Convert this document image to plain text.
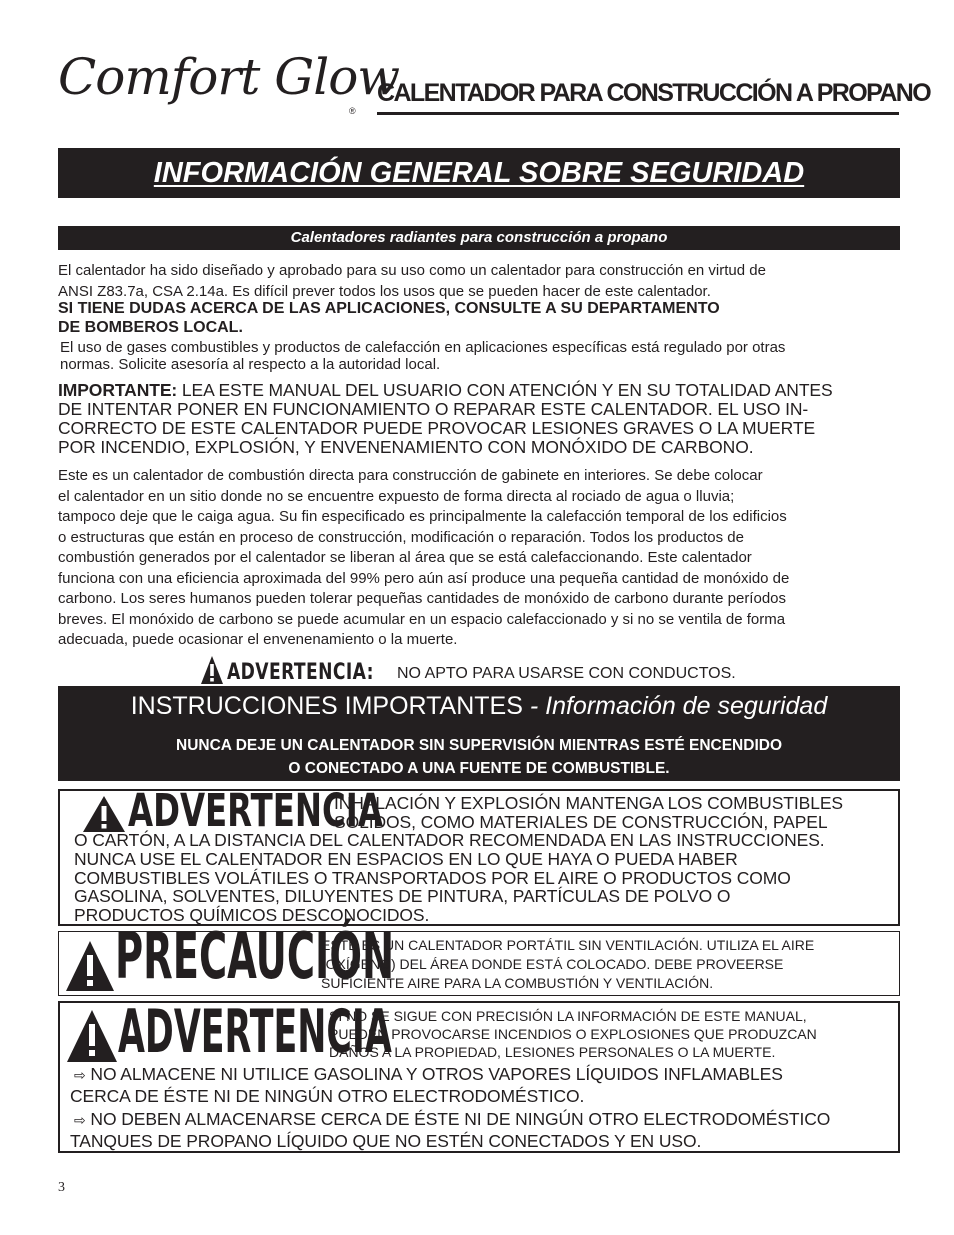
Comfort Glow
®
CALENTADOR PARA CONSTRUCCIÓN A PROPANO
INFORMACIÓN GENERAL SOBRE SEGURIDAD
Calentadores radiantes para construcción a propano
El calentador ha sido diseñado y aprobado para su uso como un calentador para construcción en virtud de
ANSI Z83.7a, CSA 2.14a. Es difícil prever todos los usos que se pueden hacer de este calentador.
SI TIENE DUDAS ACERCA DE LAS APLICACIONES, CONSULTE A SU DEPARTAMENTO
DE BOMBEROS LOCAL.
El uso de gases combustibles y productos de calefacción en aplicaciones específicas está regulado por otras
normas. Solicite asesoría al respecto a la autoridad local.
IMPORTANTE: LEA ESTE MANUAL DEL USUARIO CON ATENCIÓN Y EN SU TOTALIDAD ANTES
DE INTENTAR PONER EN FUNCIONAMIENTO O REPARAR ESTE CALENTADOR. EL USO IN-
CORRECTO DE ESTE CALENTADOR PUEDE PROVOCAR LESIONES GRAVES O LA MUERTE
POR INCENDIO, EXPLOSIÓN, Y ENVENENAMIENTO CON MONÓXIDO DE CARBONO.
Este es un calentador de combustión directa para construcción de gabinete en interiores. Se debe colocar
el calentador en un sitio donde no se encuentre expuesto de forma directa al rociado de agua o lluvia;
tampoco deje que le caiga agua. Su fin especificado es principalmente la calefacción temporal de los edificios
o estructuras que están en proceso de construcción, modificación o reparación. Todos los productos de
combustión generados por el calentador se liberan al área que se está calefaccionando. Este calentador
funciona con una eficiencia aproximada del 99% pero aún así produce una pequeña cantidad de monóxido de
carbono. Los seres humanos pueden tolerar pequeñas cantidades de monóxido de carbono durante períodos
breves. El monóxido de carbono se puede acumular en un espacio calefaccionado y si no se ventila de forma
adecuada, puede ocasionar el envenenamiento o la muerte.
ADVERTENCIA: NO APTO PARA USARSE CON CONDUCTOS.
INSTRUCCIONES IMPORTANTES - Información de seguridad
NUNCA DEJE UN CALENTADOR SIN SUPERVISIÓN MIENTRAS ESTÉ ENCENDIDO
O CONECTADO A UNA FUENTE DE COMBUSTIBLE.
ADVERTENCIA
INHALACIÓN Y EXPLOSIÓN MANTENGA LOS COMBUSTIBLES
SÓLIDOS, COMO MATERIALES DE CONSTRUCCIÓN, PAPEL
O CARTÓN, A LA DISTANCIA DEL CALENTADOR RECOMENDADA EN LAS INSTRUCCIONES.
NUNCA USE EL CALENTADOR EN ESPACIOS EN LO QUE HAYA O PUEDA HABER
COMBUSTIBLES VOLÁTILES O TRANSPORTADOS POR EL AIRE O PRODUCTOS COMO
GASOLINA, SOLVENTES, DILUYENTES DE PINTURA, PARTÍCULAS DE POLVO O
PRODUCTOS QUÍMICOS DESCONOCIDOS.
PRECAUCIÓN
ESTE ES UN CALENTADOR PORTÁTIL SIN VENTILACIÓN. UTILIZA EL AIRE
(OXÍGENO) DEL ÁREA DONDE ESTÁ COLOCADO. DEBE PROVEERSE
SUFICIENTE AIRE PARA LA COMBUSTIÓN Y VENTILACIÓN.
ADVERTENCIA
SI NO SE SIGUE CON PRECISIÓN LA INFORMACIÓN DE ESTE MANUAL,
PUEDEN PROVOCARSE INCENDIOS O EXPLOSIONES QUE PRODUZCAN
DAÑOS A LA PROPIEDAD, LESIONES PERSONALES O LA MUERTE.
⇨ NO ALMACENE NI UTILICE GASOLINA Y OTROS VAPORES LÍQUIDOS INFLAMABLES
CERCA DE ÉSTE NI DE NINGÚN OTRO ELECTRODOMÉSTICO.
⇨ NO DEBEN ALMACENARSE CERCA DE ÉSTE NI DE NINGÚN OTRO ELECTRODOMÉSTICO
TANQUES DE PROPANO LÍQUIDO QUE NO ESTÉN CONECTADOS Y EN USO.
3
